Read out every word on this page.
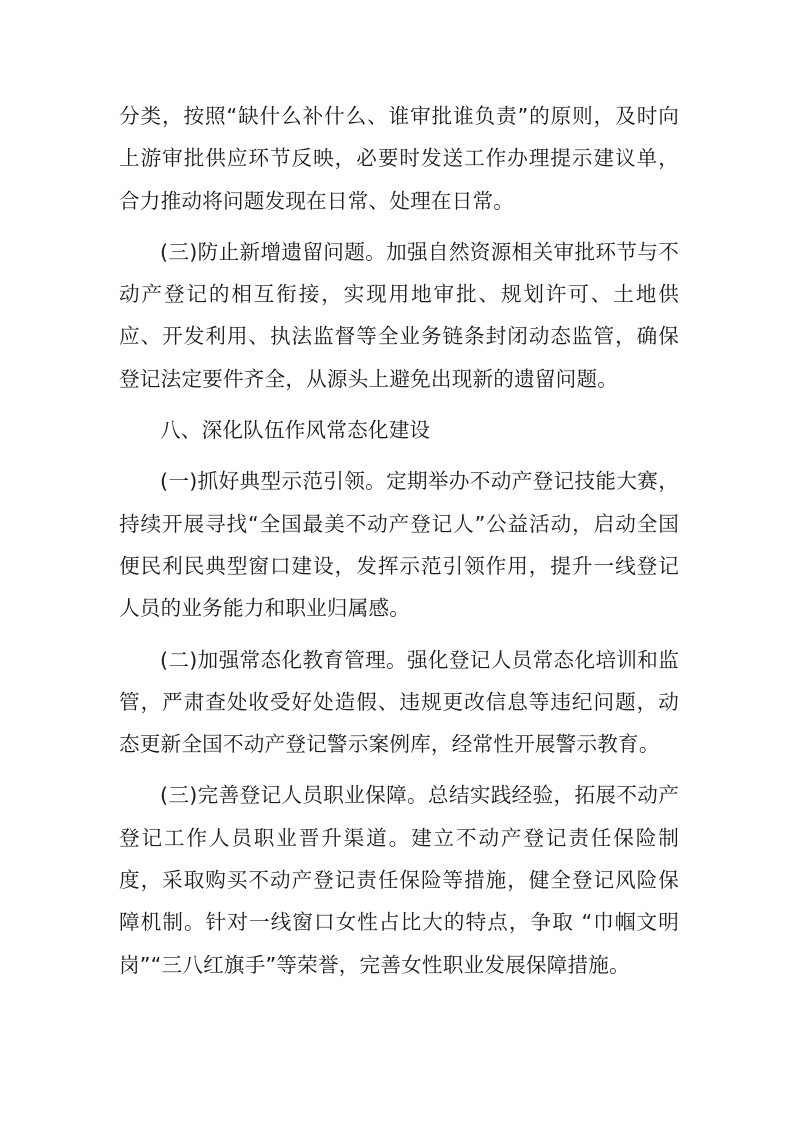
分类，按照“缺什么补什么、谁审批谁负责”的原则，及时向上游审批供应环节反映，必要时发送工作办理提示建议单，合力推动将问题发现在日常、处理在日常。

(三)防止新增遗留问题。加强自然资源相关审批环节与不动产登记的相互衔接，实现用地审批、规划许可、土地供应、开发利用、执法监督等全业务链条封闭动态监管，确保登记法定要件齐全，从源头上避免出现新的遗留问题。

八、深化队伍作风常态化建设

(一)抓好典型示范引领。定期举办不动产登记技能大赛，持续开展寻找“全国最美不动产登记人”公益活动，启动全国便民利民典型窗口建设，发挥示范引领作用，提升一线登记人员的业务能力和职业归属感。

(二)加强常态化教育管理。强化登记人员常态化培训和监管，严肃查处收受好处造假、违规更改信息等违纪问题，动态更新全国不动产登记警示案例库，经常性开展警示教育。

(三)完善登记人员职业保障。总结实践经验，拓展不动产登记工作人员职业晋升渠道。建立不动产登记责任保险制度，采取购买不动产登记责任保险等措施，健全登记风险保障机制。针对一线窗口女性占比大的特点，争取 “巾帼文明岗”“三八红旗手”等荣誉，完善女性职业发展保障措施。
